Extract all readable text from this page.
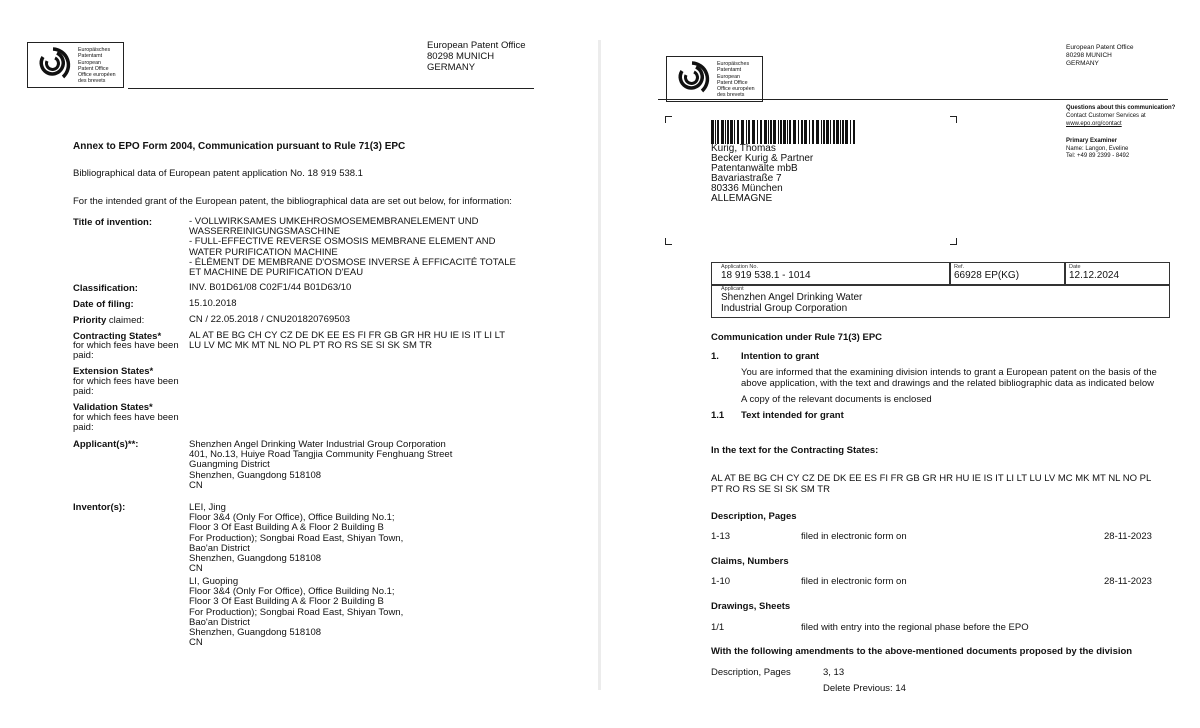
Europäisches
Patentamt
European
Patent Office
Office européen
des brevets
European Patent Office
80298 MUNICH
GERMANY
Annex to EPO Form 2004, Communication pursuant to Rule 71(3) EPC
Bibliographical data of European patent application No. 18 919 538.1
For the intended grant of the European patent, the bibliographical data are set out below, for information:
Title of invention:	- VOLLWIRKSAMES UMKEHROSMOSEMEMBRANELEMENT UND
WASSERREINIGUNGSMASCHINE
- FULL-EFFECTIVE REVERSE OSMOSIS MEMBRANE ELEMENT AND
WATER PURIFICATION MACHINE
- ÉLÉMENT DE MEMBRANE D'OSMOSE INVERSE À EFFICACITÉ TOTALE
ET MACHINE DE PURIFICATION D'EAU
Classification:	INV. B01D61/08 C02F1/44 B01D63/10
Date of filing:	15.10.2018
Priority claimed:	CN / 22.05.2018 / CNU201820769503
Contracting States*
for which fees have been
paid:
AL AT BE BG CH CY CZ DE DK EE ES FI FR GB GR HR HU IE IS IT LI LT
LU LV MC MK MT NL NO PL PT RO RS SE SI SK SM TR
Extension States*
for which fees have been
paid:
Validation States*
for which fees have been
paid:
Applicant(s)**:	Shenzhen Angel Drinking Water Industrial Group Corporation
401, No.13, Huiye Road Tangjia Community Fenghuang Street
Guangming District
Shenzhen, Guangdong 518108
CN
Inventor(s):	LEI, Jing
Floor 3&4 (Only For Office), Office Building No.1;
Floor 3 Of East Building A & Floor 2 Building B
For Production); Songbai Road East, Shiyan Town,
Bao'an District
Shenzhen, Guangdong 518108
CN
LI, Guoping
Floor 3&4 (Only For Office), Office Building No.1;
Floor 3 Of East Building A & Floor 2 Building B
For Production); Songbai Road East, Shiyan Town,
Bao'an District
Shenzhen, Guangdong 518108
CN
Europäisches
Patentamt
European
Patent Office
Office européen
des brevets
European Patent Office
80298 MUNICH
GERMANY
Questions about this communication?
Contact Customer Services at
www.epo.org/contact
Primary Examiner
Name: Langon, Eveline
Tel: +49 89 2399 - 8492
Kurig, Thomas
Becker Kurig & Partner
Patentanwälte mbB
Bavariastraße 7
80336 München
ALLEMAGNE
Application No.
18 919 538.1 - 1014
Ref.
66928 EP(KG)
Date
12.12.2024
Applicant
Shenzhen Angel Drinking Water
Industrial Group Corporation
Communication under Rule 71(3) EPC
1. Intention to grant
You are informed that the examining division intends to grant a European patent on the basis of the
above application, with the text and drawings and the related bibliographic data as indicated below
A copy of the relevant documents is enclosed
1.1 Text intended for grant
In the text for the Contracting States:
AL AT BE BG CH CY CZ DE DK EE ES FI FR GB GR HR HU IE IS IT LI LT LU LV MC MK MT NL NO PL
PT RO RS SE SI SK SM TR
Description, Pages
1-13	filed in electronic form on	28-11-2023
Claims, Numbers
1-10	filed in electronic form on	28-11-2023
Drawings, Sheets
1/1	filed with entry into the regional phase before the EPO
With the following amendments to the above-mentioned documents proposed by the division
Description, Pages	3, 13
Delete Previous: 14
